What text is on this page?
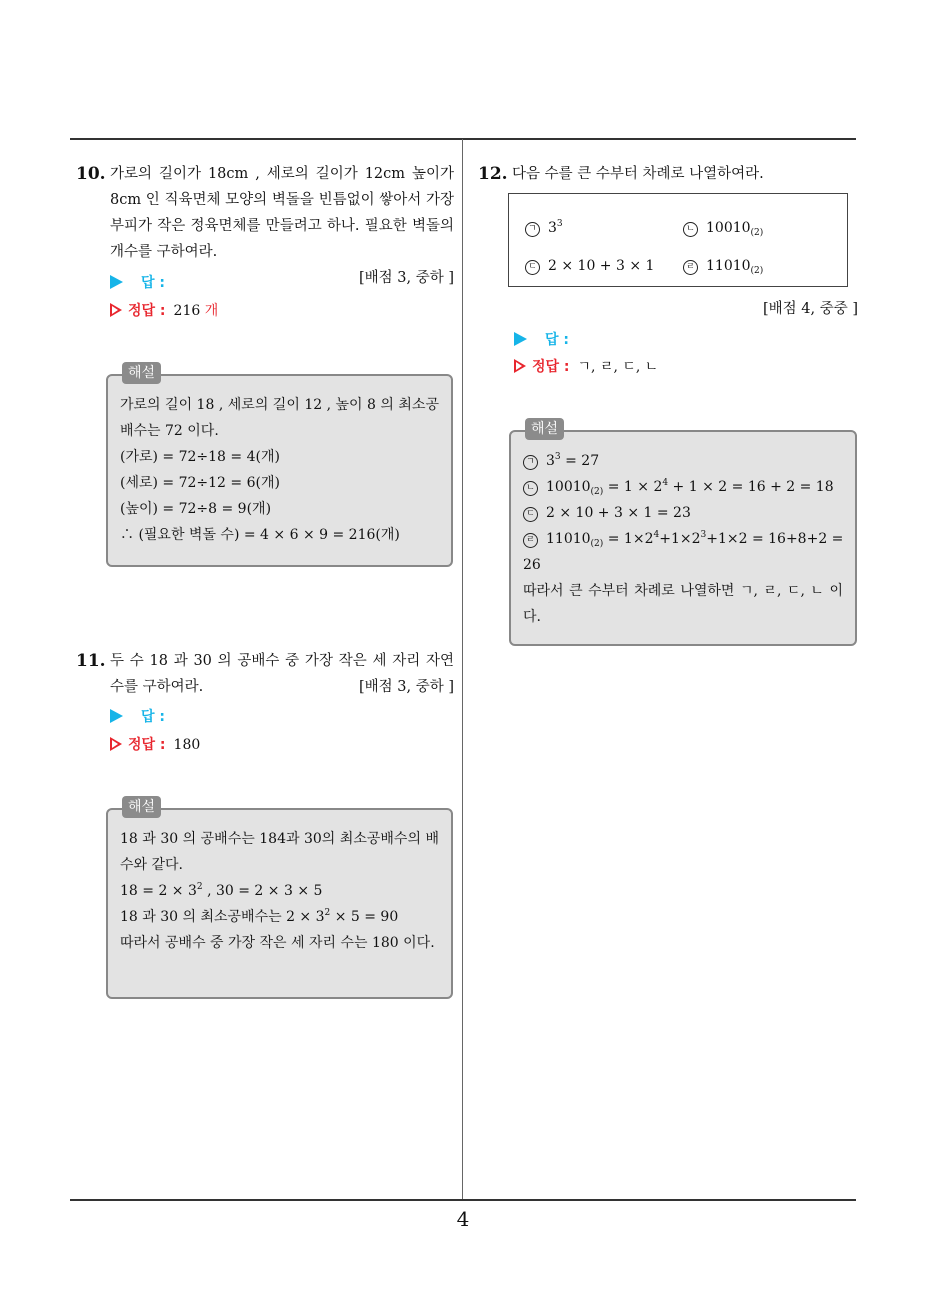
10. 가로의 길이가 18cm , 세로의 길이가 12cm 높이가 8cm 인 직육면체 모양의 벽돌을 빈틈없이 쌓아서 가장 부피가 작은 정육면체를 만들려고 하나. 필요한 벽돌의 개수를 구하여라.
[배점 3, 중하 ]
답 :
정답 : 216 개
해설
가로의 길이 18 , 세로의 길이 12 , 높이 8 의 최소공배수는 72 이다.
(가로) = 72÷18 = 4(개)
(세로) = 72÷12 = 6(개)
(높이) = 72÷8 = 9(개)
∴ (필요한 벽돌 수) = 4 × 6 × 9 = 216(개)
11. 두 수 18 과 30 의 공배수 중 가장 작은 세 자리 자연수를 구하여라.	[배점 3, 중하 ]
답 :
정답 : 180
해설
18 과 30 의 공배수는 184과 30의 최소공배수의 배수와 같다.
$18 = 2 \times 3^2$ , 30 = 2 × 3 × 5
18 과 30 의 최소공배수는 $2 \times 3^2 \times 5 = 90$
따라서 공배수 중 가장 작은 세 자리 수는 180 이다.
12. 다음 수를 큰 수부터 차례로 나열하여라.
ㄱ $3^3$	ㄴ $10010_{(2)}$
ㄷ 2 × 10 + 3 × 1	ㄹ $11010_{(2)}$
[배점 4, 중중 ]
답 :
정답 : ㄱ, ㄹ, ㄷ, ㄴ
해설
ㄱ $3^3 = 27$
ㄴ $10010_{(2)} = 1 \times 2^4 + 1 \times 2 = 16 + 2 = 18$
ㄷ 2 × 10 + 3 × 1 = 23
ㄹ $11010_{(2)} = 1\times 2^4+1\times 2^3+1\times 2 = 16+8+2$ =
26
따라서 큰 수부터 차례로 나열하면 ㄱ, ㄹ, ㄷ, ㄴ 이다.
4
